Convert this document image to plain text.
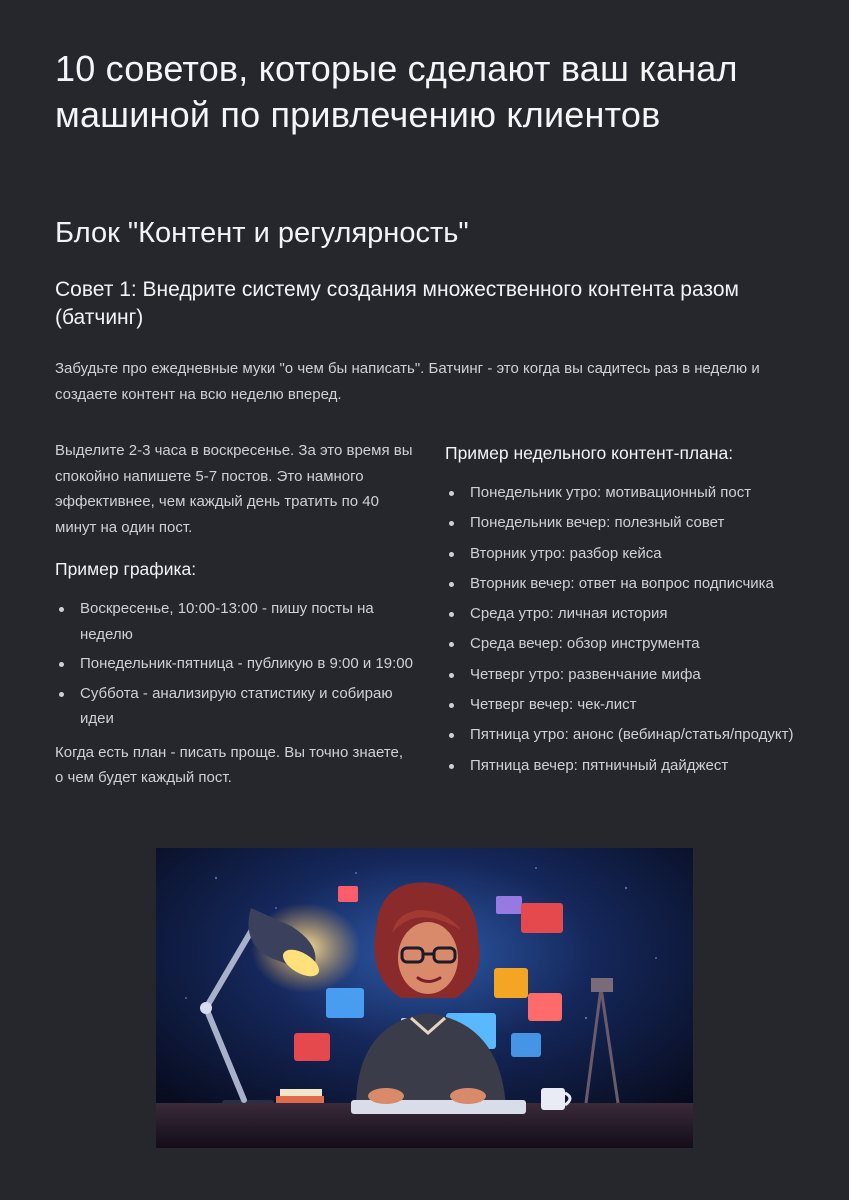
10 советов, которые сделают ваш канал машиной по привлечению клиентов
Блок "Контент и регулярность"
Совет 1: Внедрите систему создания множественного контента разом (батчинг)

Забудьте про ежедневные муки "о чем бы написать". Батчинг - это когда вы садитесь раз в неделю и создаете контент на всю неделю вперед.

Выделите 2-3 часа в воскресенье. За это время вы спокойно напишете 5-7 постов. Это намного эффективнее, чем каждый день тратить по 40 минут на один пост.

Пример графика:

Воскресенье, 10:00-13:00 - пишу посты на неделю
Понедельник-пятница - публикую в 9:00 и 19:00
Суббота - анализирую статистику и собираю идеи

Когда есть план - писать проще. Вы точно знаете, о чем будет каждый пост.

Пример недельного контент-плана:

Понедельник утро: мотивационный пост
Понедельник вечер: полезный совет
Вторник утро: разбор кейса
Вторник вечер: ответ на вопрос подписчика
Среда утро: личная история
Среда вечер: обзор инструмента
Четверг утро: развенчание мифа
Четверг вечер: чек-лист
Пятница утро: анонс (вебинар/статья/продукт)
Пятница вечер: пятничный дайджест
